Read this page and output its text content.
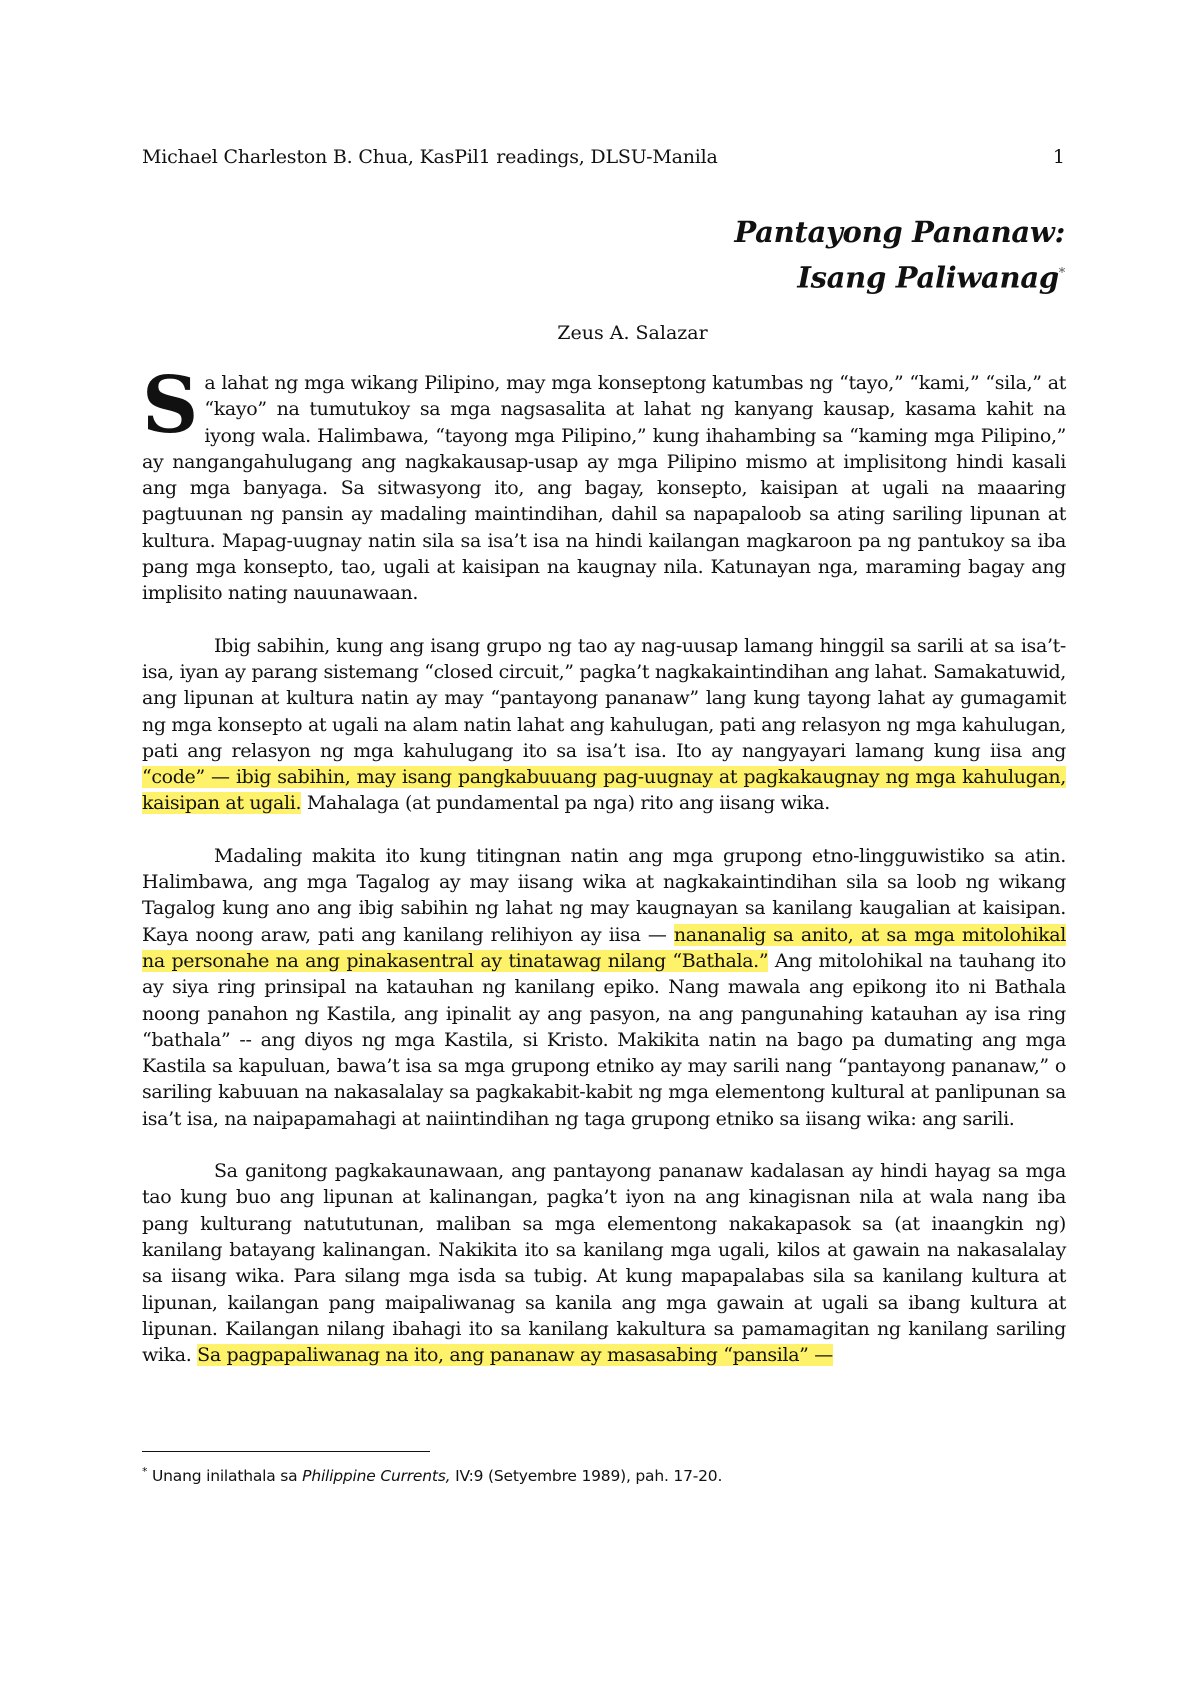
Michael Charleston B. Chua, KasPil1 readings, DLSU-Manila	1
Pantayong Pananaw:
Isang Paliwanag*
Zeus A. Salazar

Sa lahat ng mga wikang Pilipino, may mga konseptong katumbas ng “tayo,” “kami,” “sila,” at “kayo” na tumutukoy sa mga nagsasalita at lahat ng kanyang kausap, kasama kahit na iyong wala. Halimbawa, “tayong mga Pilipino,” kung ihahambing sa “kaming mga Pilipino,” ay nangangahulugang ang nagkakausap-usap ay mga Pilipino mismo at implisitong hindi kasali ang mga banyaga. Sa sitwasyong ito, ang bagay, konsepto, kaisipan at ugali na maaaring pagtuunan ng pansin ay madaling maintindihan, dahil sa napapaloob sa ating sariling lipunan at kultura. Mapag-uugnay natin sila sa isa’t isa na hindi kailangan magkaroon pa ng pantukoy sa iba pang mga konsepto, tao, ugali at kaisipan na kaugnay nila. Katunayan nga, maraming bagay ang implisito nating nauunawaan.

Ibig sabihin, kung ang isang grupo ng tao ay nag-uusap lamang hinggil sa sarili at sa isa’t-isa, iyan ay parang sistemang “closed circuit,” pagka’t nagkakaintindihan ang lahat. Samakatuwid, ang lipunan at kultura natin ay may “pantayong pananaw” lang kung tayong lahat ay gumagamit ng mga konsepto at ugali na alam natin lahat ang kahulugan, pati ang relasyon ng mga kahulugan, pati ang relasyon ng mga kahulugang ito sa isa’t isa. Ito ay nangyayari lamang kung iisa ang “code” — ibig sabihin, may isang pangkabuuang pag-uugnay at pagkakaugnay ng mga kahulugan, kaisipan at ugali. Mahalaga (at pundamental pa nga) rito ang iisang wika.

Madaling makita ito kung titingnan natin ang mga grupong etno-lingguwistiko sa atin. Halimbawa, ang mga Tagalog ay may iisang wika at nagkakaintindihan sila sa loob ng wikang Tagalog kung ano ang ibig sabihin ng lahat ng may kaugnayan sa kanilang kaugalian at kaisipan. Kaya noong araw, pati ang kanilang relihiyon ay iisa — nananalig sa anito, at sa mga mitolohikal na personahe na ang pinakasentral ay tinatawag nilang “Bathala.” Ang mitolohikal na tauhang ito ay siya ring prinsipal na katauhan ng kanilang epiko. Nang mawala ang epikong ito ni Bathala noong panahon ng Kastila, ang ipinalit ay ang pasyon, na ang pangunahing katauhan ay isa ring “bathala” -- ang diyos ng mga Kastila, si Kristo. Makikita natin na bago pa dumating ang mga Kastila sa kapuluan, bawa’t isa sa mga grupong etniko ay may sarili nang “pantayong pananaw,” o sariling kabuuan na nakasalalay sa pagkakabit-kabit ng mga elementong kultural at panlipunan sa isa’t isa, na naipapamahagi at naiintindihan ng taga grupong etniko sa iisang wika: ang sarili.

Sa ganitong pagkakaunawaan, ang pantayong pananaw kadalasan ay hindi hayag sa mga tao kung buo ang lipunan at kalinangan, pagka’t iyon na ang kinagisnan nila at wala nang iba pang kulturang natututunan, maliban sa mga elementong nakakapasok sa (at inaangkin ng) kanilang batayang kalinangan. Nakikita ito sa kanilang mga ugali, kilos at gawain na nakasalalay sa iisang wika. Para silang mga isda sa tubig. At kung mapapalabas sila sa kanilang kultura at lipunan, kailangan pang maipaliwanag sa kanila ang mga gawain at ugali sa ibang kultura at lipunan. Kailangan nilang ibahagi ito sa kanilang kakultura sa pamamagitan ng kanilang sariling wika. Sa pagpapaliwanag na ito, ang pananaw ay masasabing “pansila” —

* Unang inilathala sa Philippine Currents, IV:9 (Setyembre 1989), pah. 17-20.
